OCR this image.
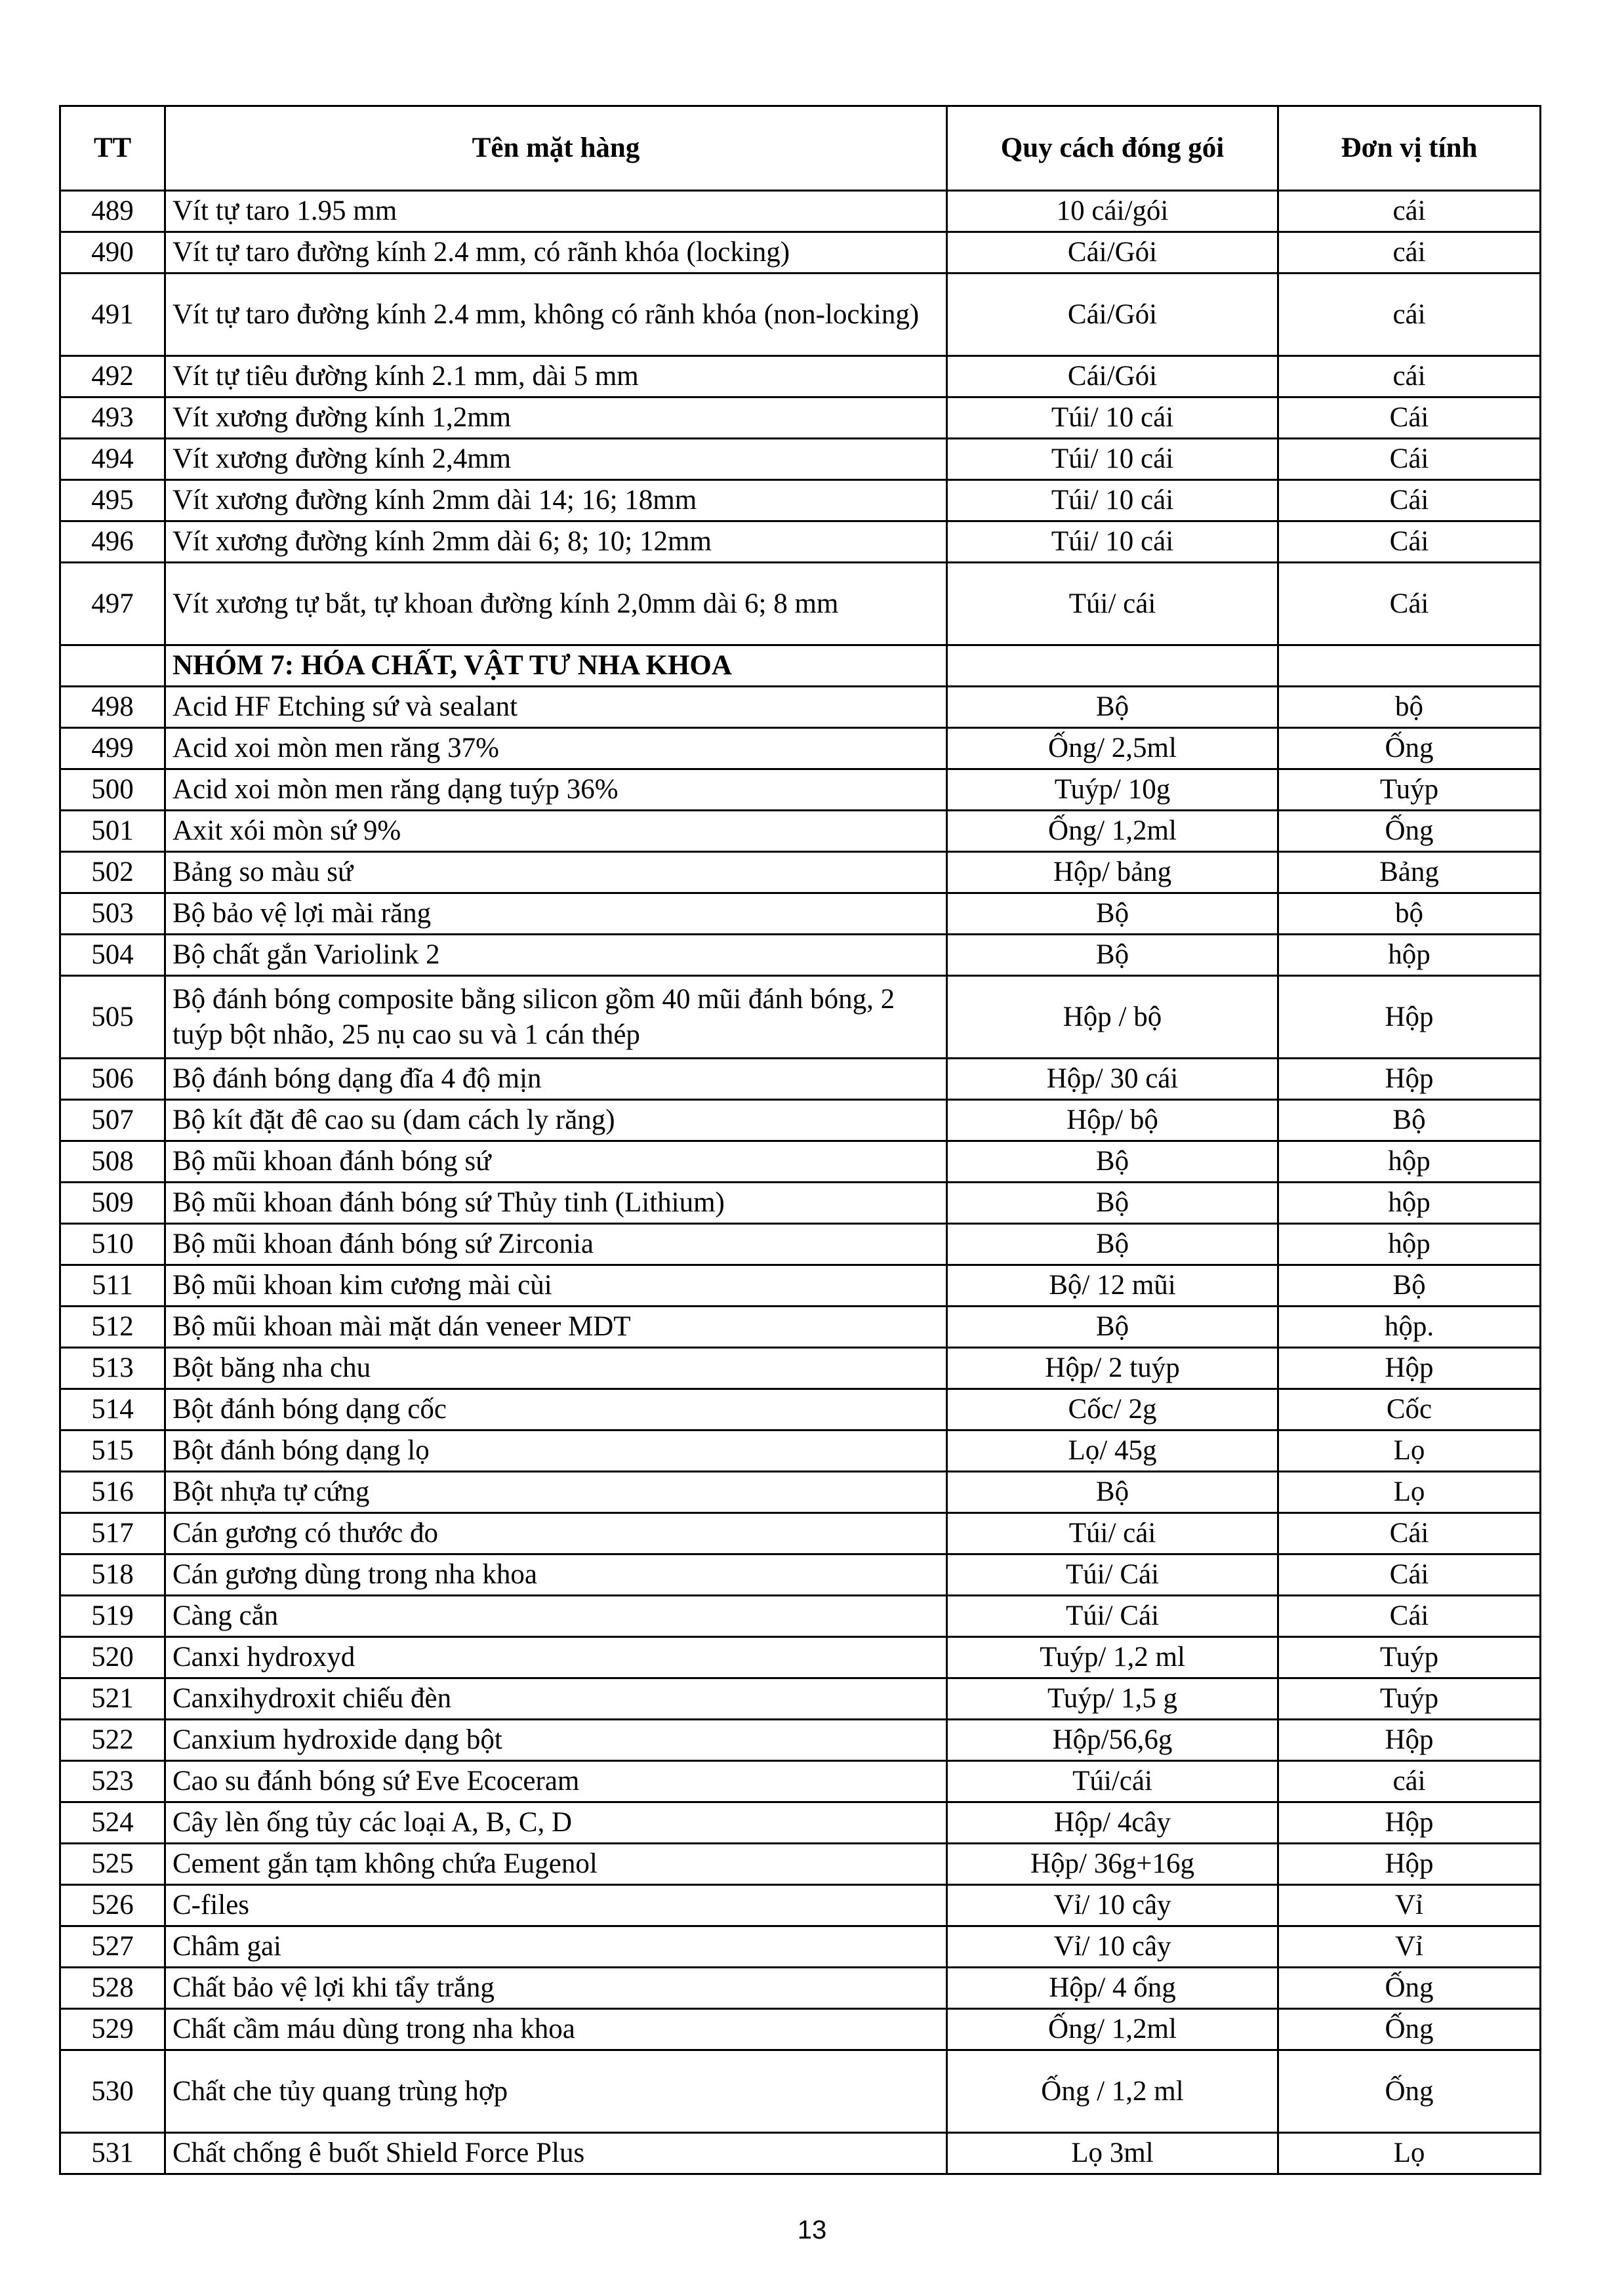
TT	Tên mặt hàng	Quy cách đóng gói	Đơn vị tính
489	Vít tự taro 1.95 mm	10 cái/gói	cái
490	Vít tự taro đường kính 2.4 mm, có rãnh khóa (locking)	Cái/Gói	cái
491	Vít tự taro đường kính 2.4 mm, không có rãnh khóa (non-locking)	Cái/Gói	cái
492	Vít tự tiêu đường kính 2.1 mm, dài 5 mm	Cái/Gói	cái
493	Vít xương đường kính 1,2mm	Túi/ 10 cái	Cái
494	Vít xương đường kính 2,4mm	Túi/ 10 cái	Cái
495	Vít xương đường kính 2mm dài 14; 16; 18mm	Túi/ 10 cái	Cái
496	Vít xương đường kính 2mm dài 6; 8; 10; 12mm	Túi/ 10 cái	Cái
497	Vít xương tự bắt, tự khoan đường kính 2,0mm dài 6; 8 mm	Túi/ cái	Cái
	NHÓM 7: HÓA CHẤT, VẬT TƯ NHA KHOA		
498	Acid HF Etching sứ và sealant	Bộ	bộ
499	Acid xoi mòn men răng 37%	Ống/ 2,5ml	Ống
500	Acid xoi mòn men răng dạng tuýp 36%	Tuýp/ 10g	Tuýp
501	Axit xói mòn sứ 9%	Ống/ 1,2ml	Ống
502	Bảng so màu sứ	Hộp/ bảng	Bảng
503	Bộ bảo vệ lợi mài răng	Bộ	bộ
504	Bộ chất gắn Variolink 2	Bộ	hộp
505	Bộ đánh bóng composite bằng silicon gồm 40 mũi đánh bóng, 2 tuýp bột nhão, 25 nụ cao su và 1 cán thép	Hộp / bộ	Hộp
506	Bộ đánh bóng dạng đĩa 4 độ mịn	Hộp/ 30 cái	Hộp
507	Bộ kít đặt đê cao su (dam cách ly răng)	Hộp/ bộ	Bộ
508	Bộ mũi khoan đánh bóng sứ	Bộ	hộp
509	Bộ mũi khoan đánh bóng sứ Thủy tinh (Lithium)	Bộ	hộp
510	Bộ mũi khoan đánh bóng sứ Zirconia	Bộ	hộp
511	Bộ mũi khoan kim cương mài cùi	Bộ/ 12 mũi	Bộ
512	Bộ mũi khoan mài mặt dán veneer MDT	Bộ	hộp.
513	Bột băng nha chu	Hộp/ 2 tuýp	Hộp
514	Bột đánh bóng dạng cốc	Cốc/ 2g	Cốc
515	Bột đánh bóng dạng lọ	Lọ/ 45g	Lọ
516	Bột nhựa tự cứng	Bộ	Lọ
517	Cán gương có thước đo	Túi/ cái	Cái
518	Cán gương dùng trong nha khoa	Túi/ Cái	Cái
519	Càng cắn	Túi/ Cái	Cái
520	Canxi hydroxyd	Tuýp/ 1,2 ml	Tuýp
521	Canxihydroxit chiếu đèn	Tuýp/ 1,5 g	Tuýp
522	Canxium hydroxide dạng bột	Hộp/56,6g	Hộp
523	Cao su đánh bóng sứ Eve Ecoceram	Túi/cái	cái
524	Cây lèn ống tủy các loại A, B, C, D	Hộp/ 4cây	Hộp
525	Cement gắn tạm không chứa Eugenol	Hộp/ 36g+16g	Hộp
526	C-files	Vỉ/ 10 cây	Vỉ
527	Châm gai	Vỉ/ 10 cây	Vỉ
528	Chất bảo vệ lợi khi tẩy trắng	Hộp/ 4 ống	Ống
529	Chất cầm máu dùng trong nha khoa	Ống/ 1,2ml	Ống
530	Chất che tủy quang trùng hợp	Ống / 1,2 ml	Ống
531	Chất chống ê buốt Shield Force Plus	Lọ 3ml	Lọ
13
